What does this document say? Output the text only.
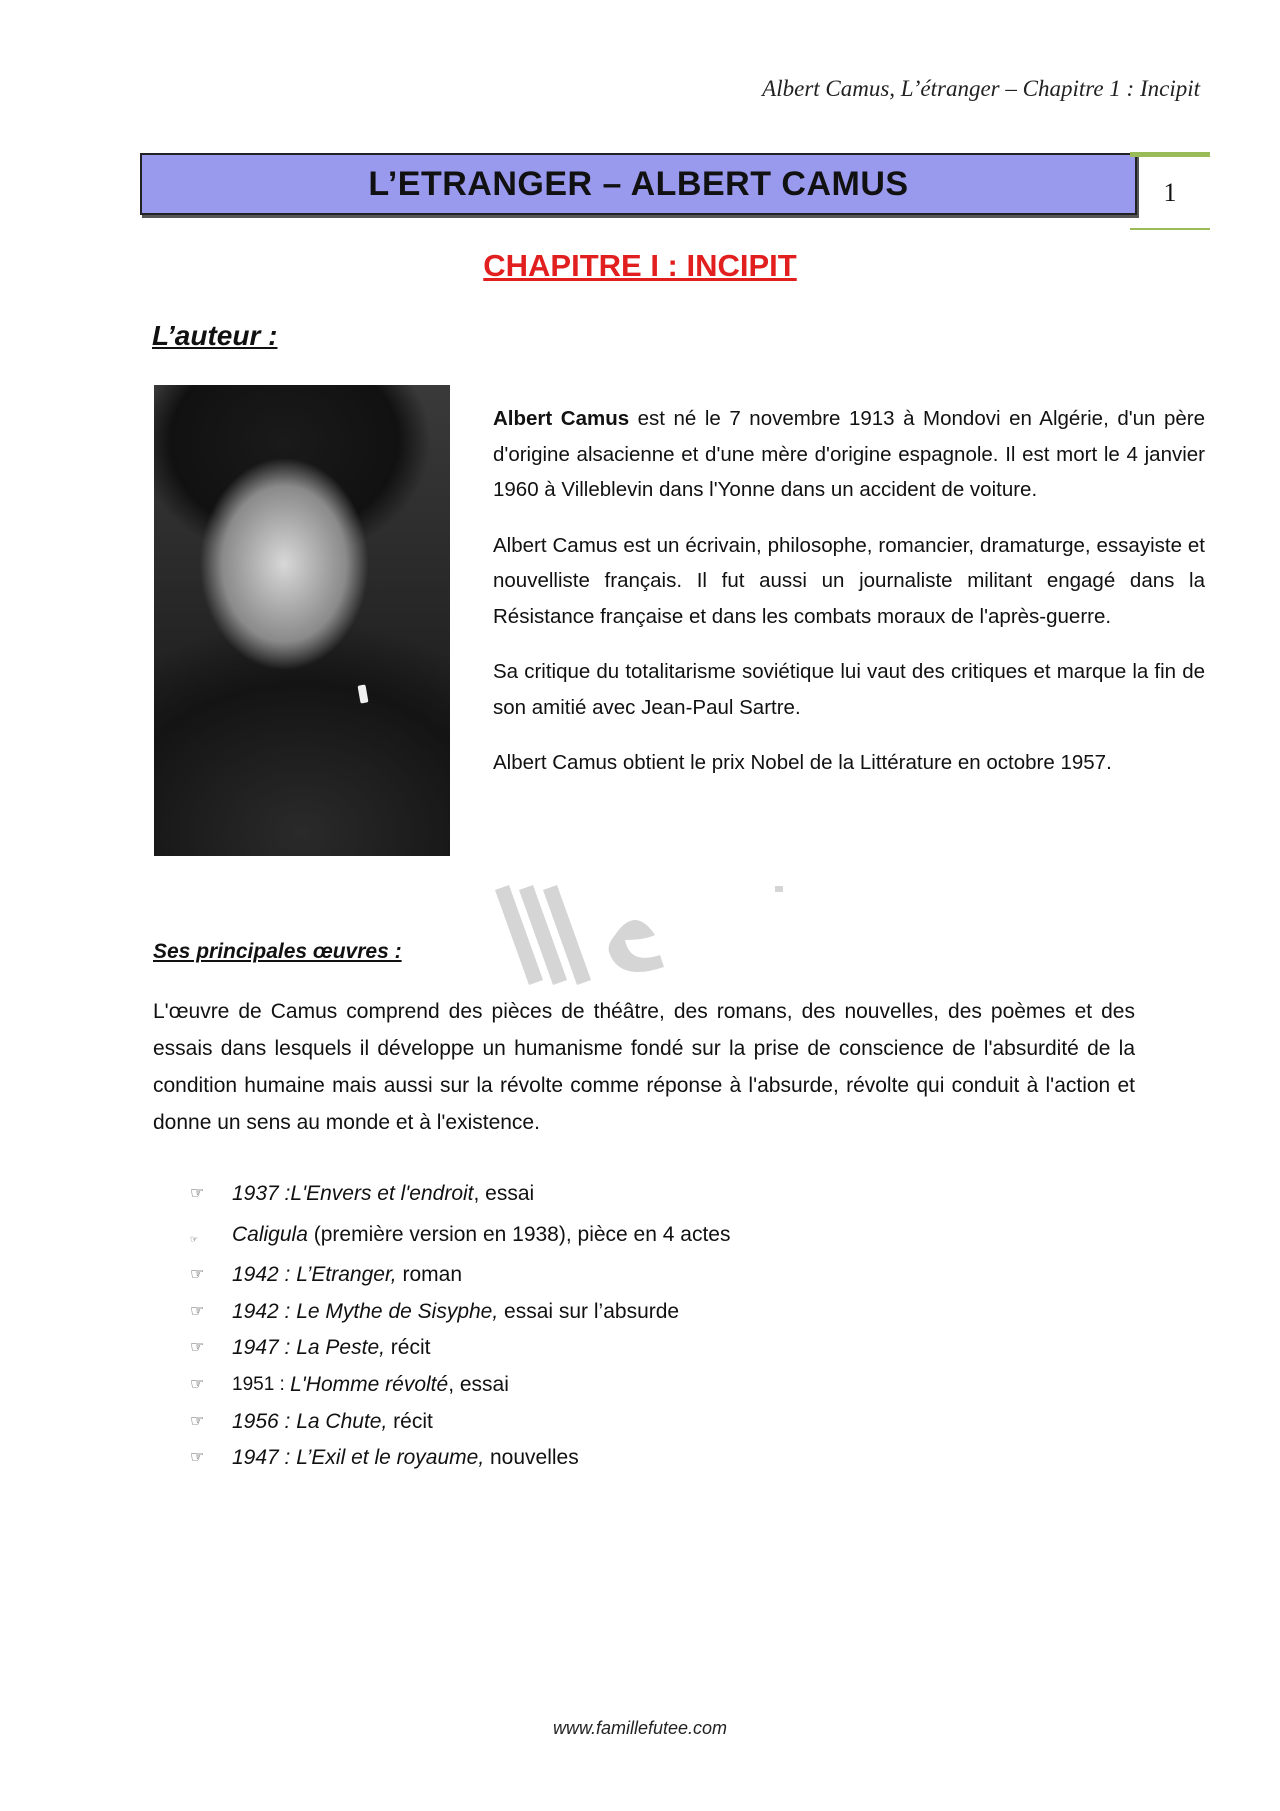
Albert Camus, L’étranger – Chapitre 1 : Incipit
L’ETRANGER – ALBERT CAMUS	1
CHAPITRE I : INCIPIT
L’auteur :

Albert Camus est né le 7 novembre 1913 à Mondovi en Algérie, d'un père d'origine alsacienne et d'une mère d'origine espagnole. Il est mort le 4 janvier 1960 à Villeblevin dans l'Yonne dans un accident de voiture.

Albert Camus est un écrivain, philosophe, romancier, dramaturge, essayiste et nouvelliste français. Il fut aussi un journaliste militant engagé dans la Résistance française et dans les combats moraux de l'après-guerre.

Sa critique du totalitarisme soviétique lui vaut des critiques et marque la fin de son amitié avec Jean-Paul Sartre.

Albert Camus obtient le prix Nobel de la Littérature en octobre 1957.

Ses principales œuvres :
L'œuvre de Camus comprend des pièces de théâtre, des romans, des nouvelles, des poèmes et des essais dans lesquels il développe un humanisme fondé sur la prise de conscience de l'absurdité de la condition humaine mais aussi sur la révolte comme réponse à l'absurde, révolte qui conduit à l'action et donne un sens au monde et à l'existence.
☞	1937 : L'Envers et l'endroit , essai
☞	Caligula (première version en 1938), pièce en 4 actes
☞	1942 : L’Etranger, roman
☞	1942 : Le Mythe de Sisyphe, essai sur l’absurde
☞	1947 : La Peste, récit
☞	1951 : L'Homme révolté , essai
☞	1956 : La Chute, récit
☞	1947 : L’Exil et le royaume, nouvelles
www.famillefutee.com
